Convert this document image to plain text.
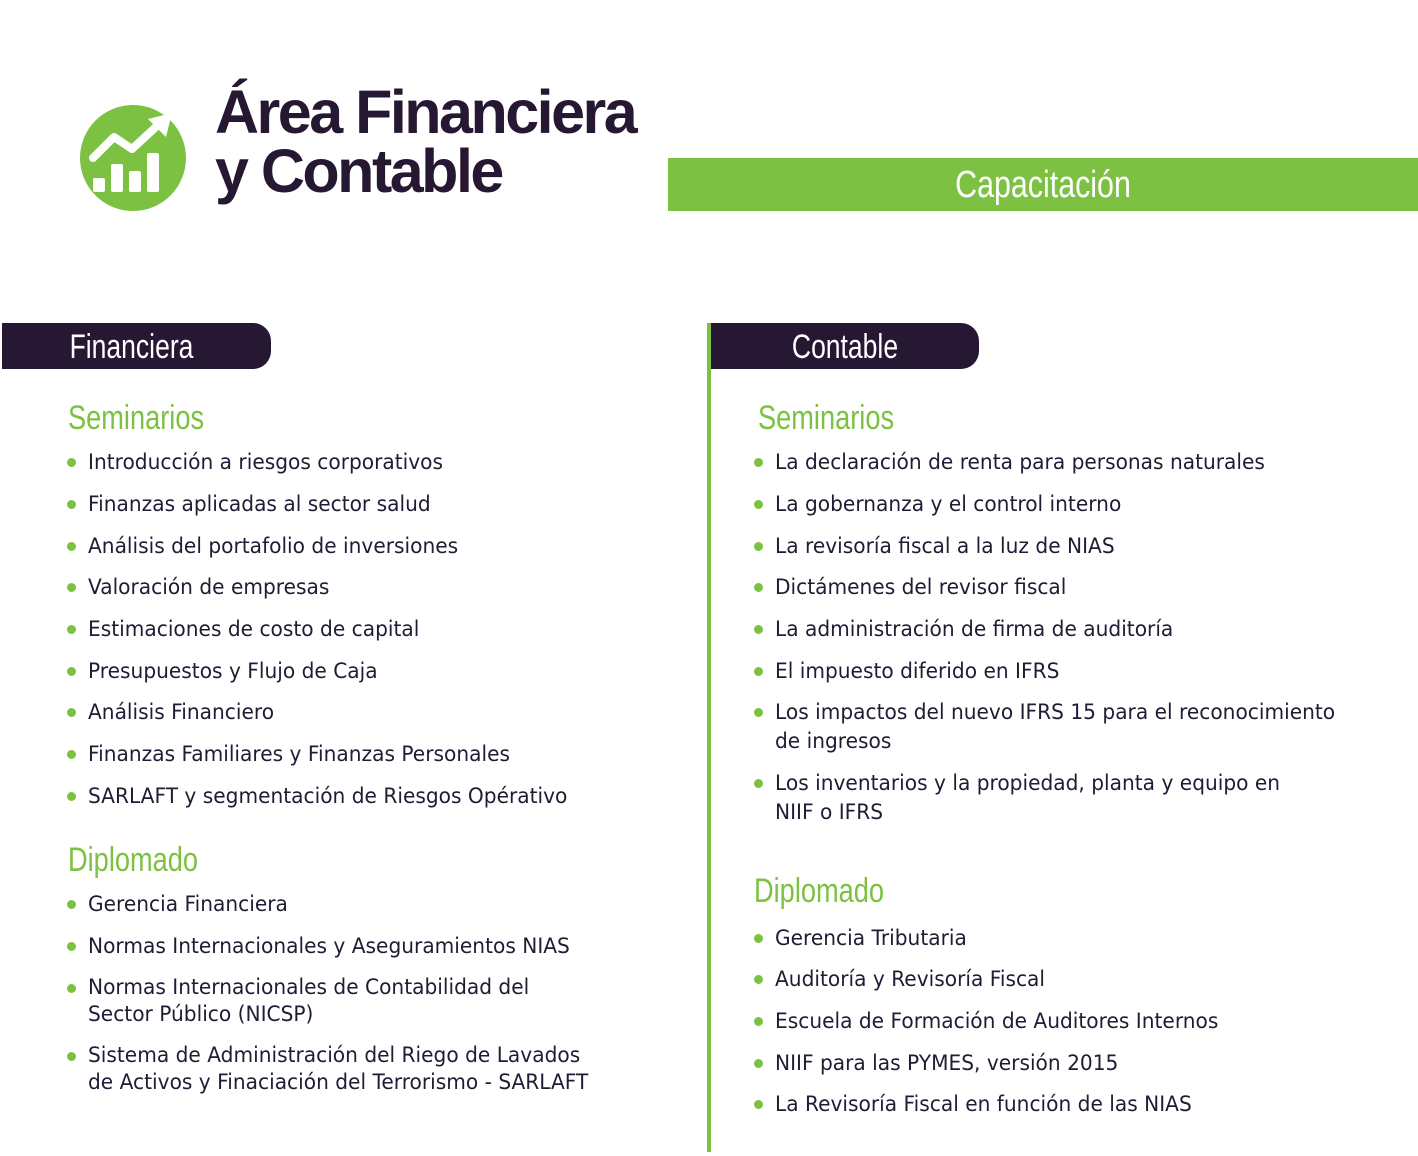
Área Financiera
y Contable	Capacitación
Financiera	Contable
Seminarios
Introducción a riesgos corporativos
Finanzas aplicadas al sector salud
Análisis del portafolio de inversiones
Valoración de empresas
Estimaciones de costo de capital
Presupuestos y Flujo de Caja
Análisis Financiero
Finanzas Familiares y Finanzas Personales
SARLAFT y segmentación de Riesgos Opérativo
Diplomado
Gerencia Financiera
Normas Internacionales y Aseguramientos NIAS
Normas Internacionales de Contabilidad del
Sector Público (NICSP)
Sistema de Administración del Riego de Lavados
de Activos y Finaciación del Terrorismo - SARLAFT
Seminarios
La declaración de renta para personas naturales
La gobernanza y el control interno
La revisoría fiscal a la luz de NIAS
Dictámenes del revisor fiscal
La administración de firma de auditoría
El impuesto diferido en IFRS
Los impactos del nuevo IFRS 15 para el reconocimiento
de ingresos
Los inventarios y la propiedad, planta y equipo en
NIIF o IFRS
Diplomado
Gerencia Tributaria
Auditoría y Revisoría Fiscal
Escuela de Formación de Auditores Internos
NIIF para las PYMES, versión 2015
La Revisoría Fiscal en función de las NIAS
